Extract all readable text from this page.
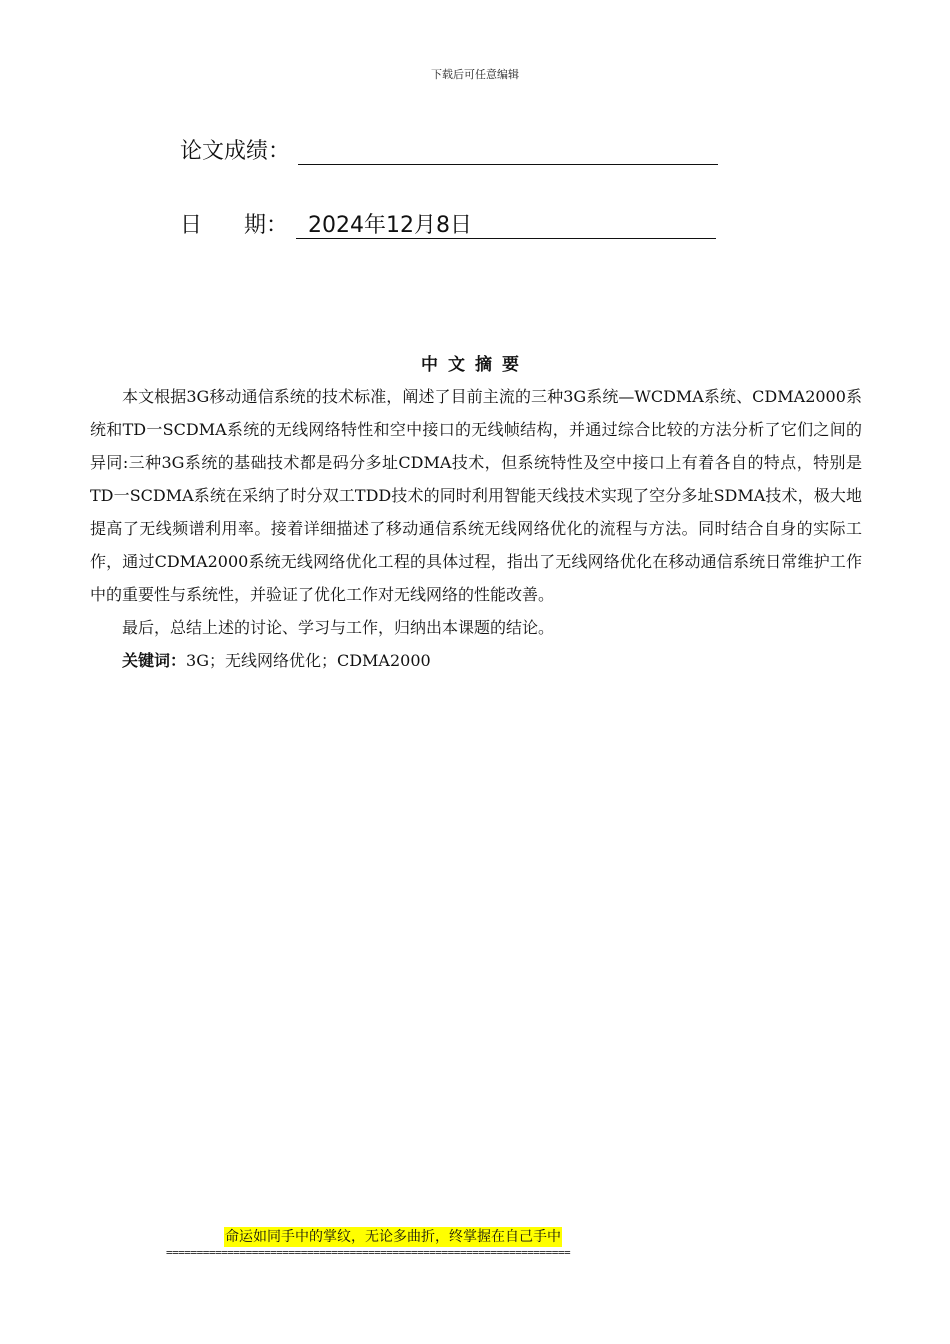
下载后可任意编辑
论文成绩：
日      期： 2024年12月8日
中文摘要

本文根据3G移动通信系统的技术标准，阐述了目前主流的三种3G系统—WCDMA系统、CDMA2000系统和TD一SCDMA系统的无线网络特性和空中接口的无线帧结构，并通过综合比较的方法分析了它们之间的异同:三种3G系统的基础技术都是码分多址CDMA技术，但系统特性及空中接口上有着各自的特点，特别是TD一SCDMA系统在采纳了时分双工TDD技术的同时利用智能天线技术实现了空分多址SDMA技术，极大地提高了无线频谱利用率。接着详细描述了移动通信系统无线网络优化的流程与方法。同时结合自身的实际工作，通过CDMA2000系统无线网络优化工程的具体过程，指出了无线网络优化在移动通信系统日常维护工作中的重要性与系统性，并验证了优化工作对无线网络的性能改善。

最后，总结上述的讨论、学习与工作，归纳出本课题的结论。

关键词：3G；无线网络优化；CDMA2000

命运如同手中的掌纹，无论多曲折，终掌握在自己手中
==================================================================
